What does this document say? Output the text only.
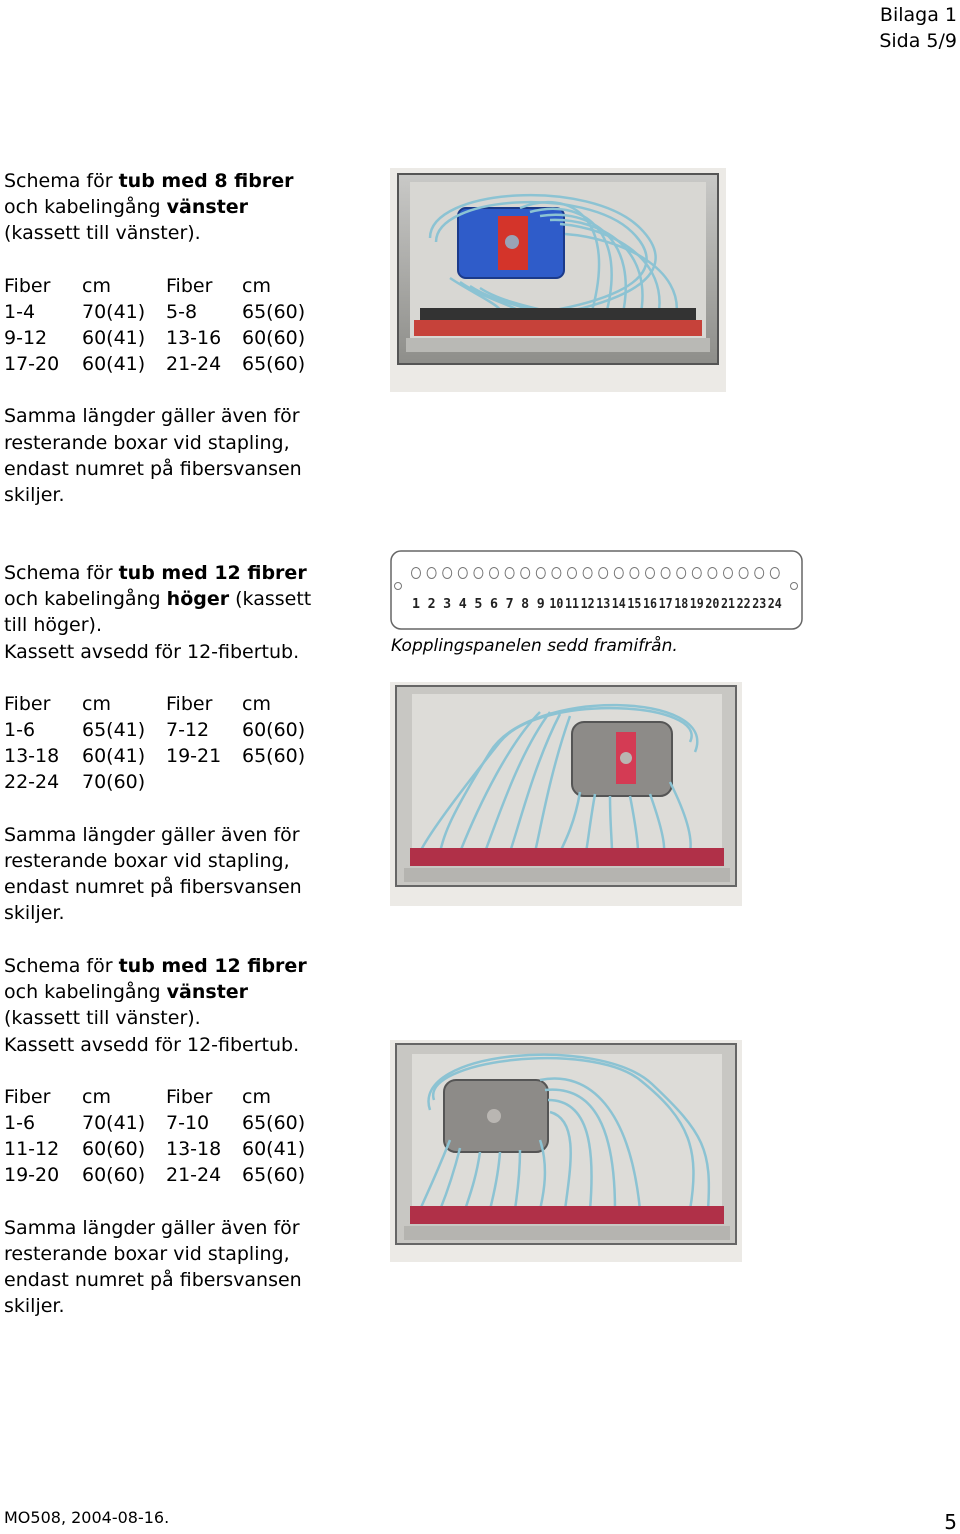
Bilaga 1
Sida 5/9

Schema för tub med 8 fibrer
och kabelingång vänster
(kassett till vänster).

Fiber	cm	Fiber	cm
1-4	70(41)	5-8	65(60)
9-12	60(41)	13-16	60(60)
17-20	60(41)	21-24	65(60)

Samma längder gäller även för resterande boxar vid stapling, endast numret på fibersvansen skiljer.

Schema för tub med 12 fibrer
och kabelingång höger (kassett till höger).

Kassett avsedd för 12-fibertub.

Fiber	cm	Fiber	cm
1-6	65(41)	7-12	60(60)
13-18	60(41)	19-21	65(60)
22-24	70(60)		

Samma längder gäller även för resterande boxar vid stapling, endast numret på fibersvansen skiljer.

Schema för tub med 12 fibrer
och kabelingång vänster
(kassett till vänster).

Kassett avsedd för 12-fibertub.

Fiber	cm	Fiber	cm
1-6	70(41)	7-10	65(60)
11-12	60(60)	13-18	60(41)
19-20	60(60)	21-24	65(60)

Samma längder gäller även för resterande boxar vid stapling, endast numret på fibersvansen skiljer.

1 2 3 4 5 6 7 8 9 10 11 12 13 14 15 16 17 18 19 20 21 22 23 24
Kopplingspanelen sedd framifrån.
MO508, 2004-08-16.	5
